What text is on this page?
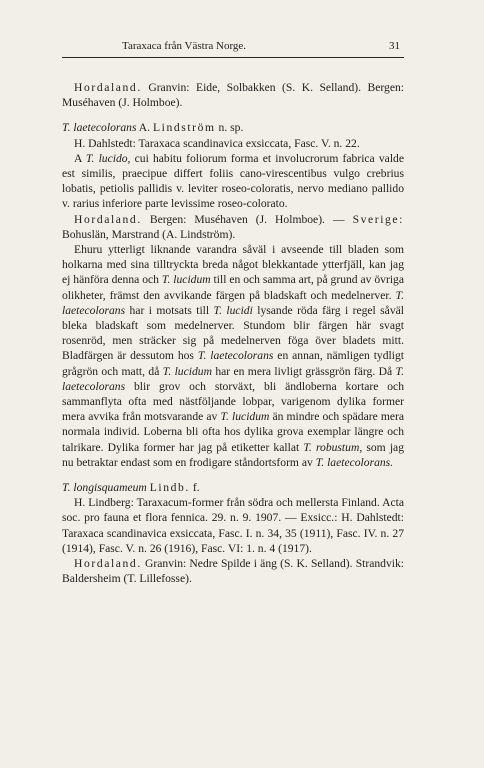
Taraxaca från Västra Norge.	31

Hordaland. Granvin: Eide, Solbakken (S. K. Selland). Bergen: Muséhaven (J. Holmboe).

T. laetecolorans A. Lindström n. sp.

H. Dahlstedt: Taraxaca scandinavica exsiccata, Fasc. V. n. 22.

A T. lucido, cui habitu foliorum forma et involucrorum fabrica valde est similis, praecipue differt foliis cano-virescentibus vulgo crebrius lobatis, petiolis pallidis v. leviter roseo-coloratis, nervo mediano pallido v. rarius inferiore parte levissime roseo-colorato.

Hordaland. Bergen: Muséhaven (J. Holmboe). — Sverige: Bohuslän, Marstrand (A. Lindström).

Ehuru ytterligt liknande varandra såväl i avseende till bladen som holkarna med sina tilltryckta breda något blekkantade ytterfjäll, kan jag ej hänföra denna och T. lucidum till en och samma art, på grund av övriga olikheter, främst den avvikande färgen på bladskaft och medelnerver. T. laetecolorans har i motsats till T. lucidi lysande röda färg i regel såväl bleka bladskaft som medelnerver. Stundom blir färgen här svagt rosenröd, men sträcker sig på medelnerven föga över bladets mitt. Bladfärgen är dessutom hos T. laetecolorans en annan, nämligen tydligt grågrön och matt, då T. lucidum har en mera livligt grässgrön färg. Då T. laetecolorans blir grov och storväxt, bli ändloberna kortare och sammanflyta ofta med nästföljande lobpar, varigenom dylika former mera avvika från motsvarande av T. lucidum än mindre och spädare mera normala individ. Loberna bli ofta hos dylika grova exemplar längre och talrikare. Dylika former har jag på etiketter kallat T. robustum, som jag nu betraktar endast som en frodigare ståndortsform av T. laetecolorans.

T. longisquameum Lindb. f.

H. Lindberg: Taraxacum-former från södra och mellersta Finland. Acta soc. pro fauna et flora fennica. 29. n. 9. 1907. — Exsicc.: H. Dahlstedt: Taraxaca scandinavica exsiccata, Fasc. I. n. 34, 35 (1911), Fasc. IV. n. 27 (1914), Fasc. V. n. 26 (1916), Fasc. VI: 1. n. 4 (1917).

Hordaland. Granvin: Nedre Spilde i äng (S. K. Selland). Strandvik: Baldersheim (T. Lillefosse).
